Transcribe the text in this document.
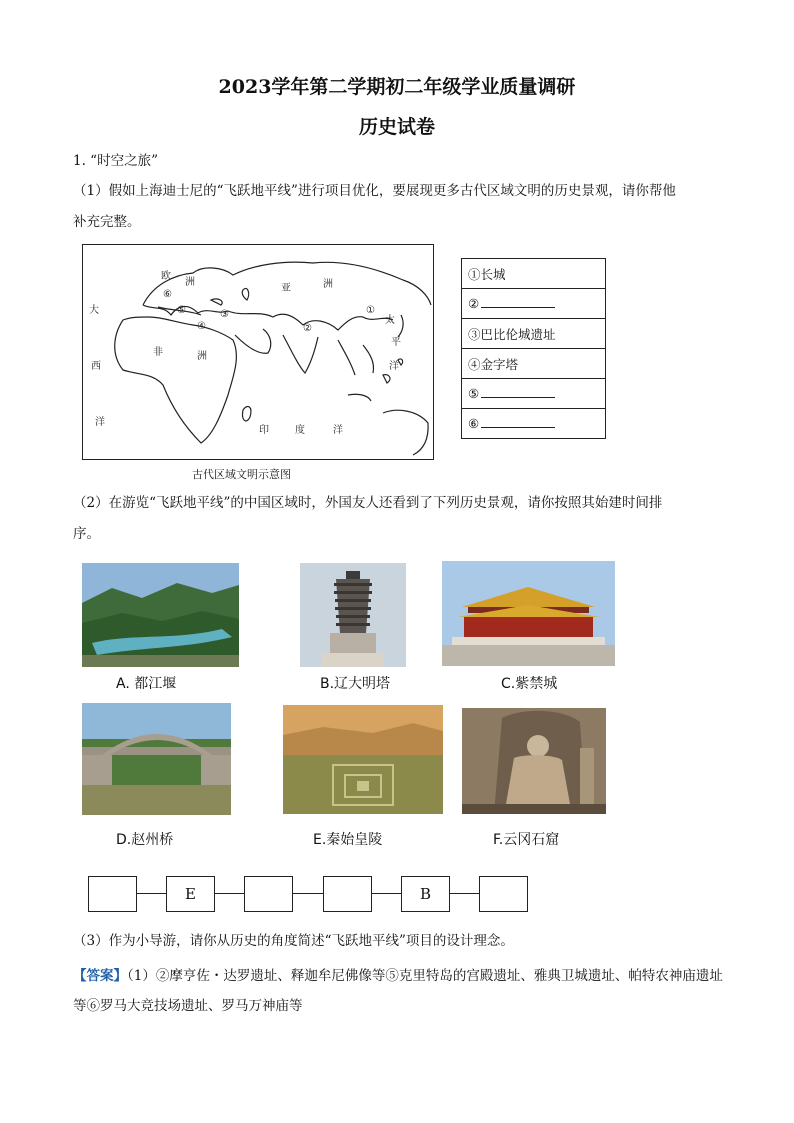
2023学年第二学期初二年级学业质量调研
历史试卷
1. “时空之旅”
（1）假如上海迪士尼的“飞跃地平线”进行项目优化，要展现更多古代区域文明的历史景观，请你帮他
补充完整。
欧
洲
亚	洲
非	洲
大
西
洋
太
平
洋
印	度	洋
①
②
③
④
⑤
⑥
古代区域文明示意图
①长城
②
③巴比伦城遗址
④金字塔
⑤
⑥
（2）在游览“飞跃地平线”的中国区域时，外国友人还看到了下列历史景观，请你按照其始建时间排
序。
A. 都江堰	B.辽大明塔	C.紫禁城
D.赵州桥	E.秦始皇陵	F.云冈石窟
E	B
（3）作为小导游，请你从历史的角度简述“飞跃地平线”项目的设计理念。
【答案】（1）②摩亨佐・达罗遗址、释迦牟尼佛像等⑤克里特岛的宫殿遗址、雅典卫城遗址、帕特农神庙遗址等⑥罗马大竞技场遗址、罗马万神庙等
